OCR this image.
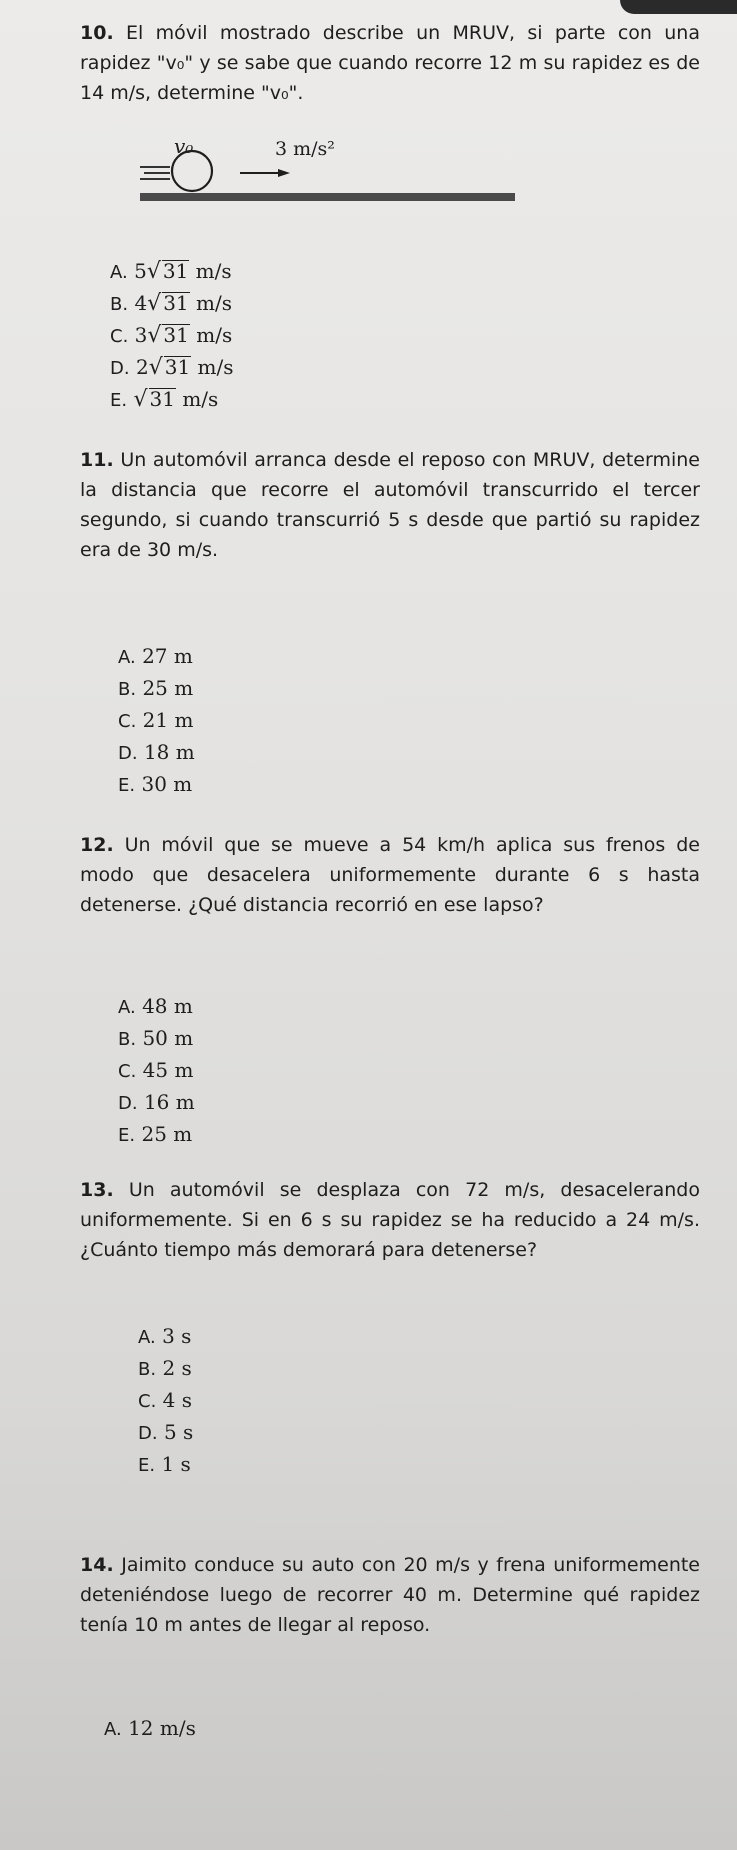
10. El móvil mostrado describe un MRUV, si parte con una rapidez "v₀" y se sabe que cuando recorre 12 m su rapidez es de 14 m/s, determine "v₀".
v₀	3 m/s²
A. 5√ 31 m/s
B. 4√ 31 m/s
C. 3√ 31 m/s
D. 2√ 31 m/s
E. √ 31 m/s
11. Un automóvil arranca desde el reposo con MRUV, determine la distancia que recorre el automóvil transcurrido el tercer segundo, si cuando transcurrió 5 s desde que partió su rapidez era de 30 m/s.
A. 27 m
B. 25 m
C. 21 m
D. 18 m
E. 30 m
12. Un móvil que se mueve a 54 km/h aplica sus frenos de modo que desacelera uniformemente durante 6 s hasta detenerse. ¿Qué distancia recorrió en ese lapso?
A. 48 m
B. 50 m
C. 45 m
D. 16 m
E. 25 m
13. Un automóvil se desplaza con 72 m/s, desacelerando uniformemente. Si en 6 s su rapidez se ha reducido a 24 m/s. ¿Cuánto tiempo más demorará para detenerse?
A. 3 s
B. 2 s
C. 4 s
D. 5 s
E. 1 s
14. Jaimito conduce su auto con 20 m/s y frena uniformemente deteniéndose luego de recorrer 40 m. Determine qué rapidez tenía 10 m antes de llegar al reposo.
A. 12 m/s
